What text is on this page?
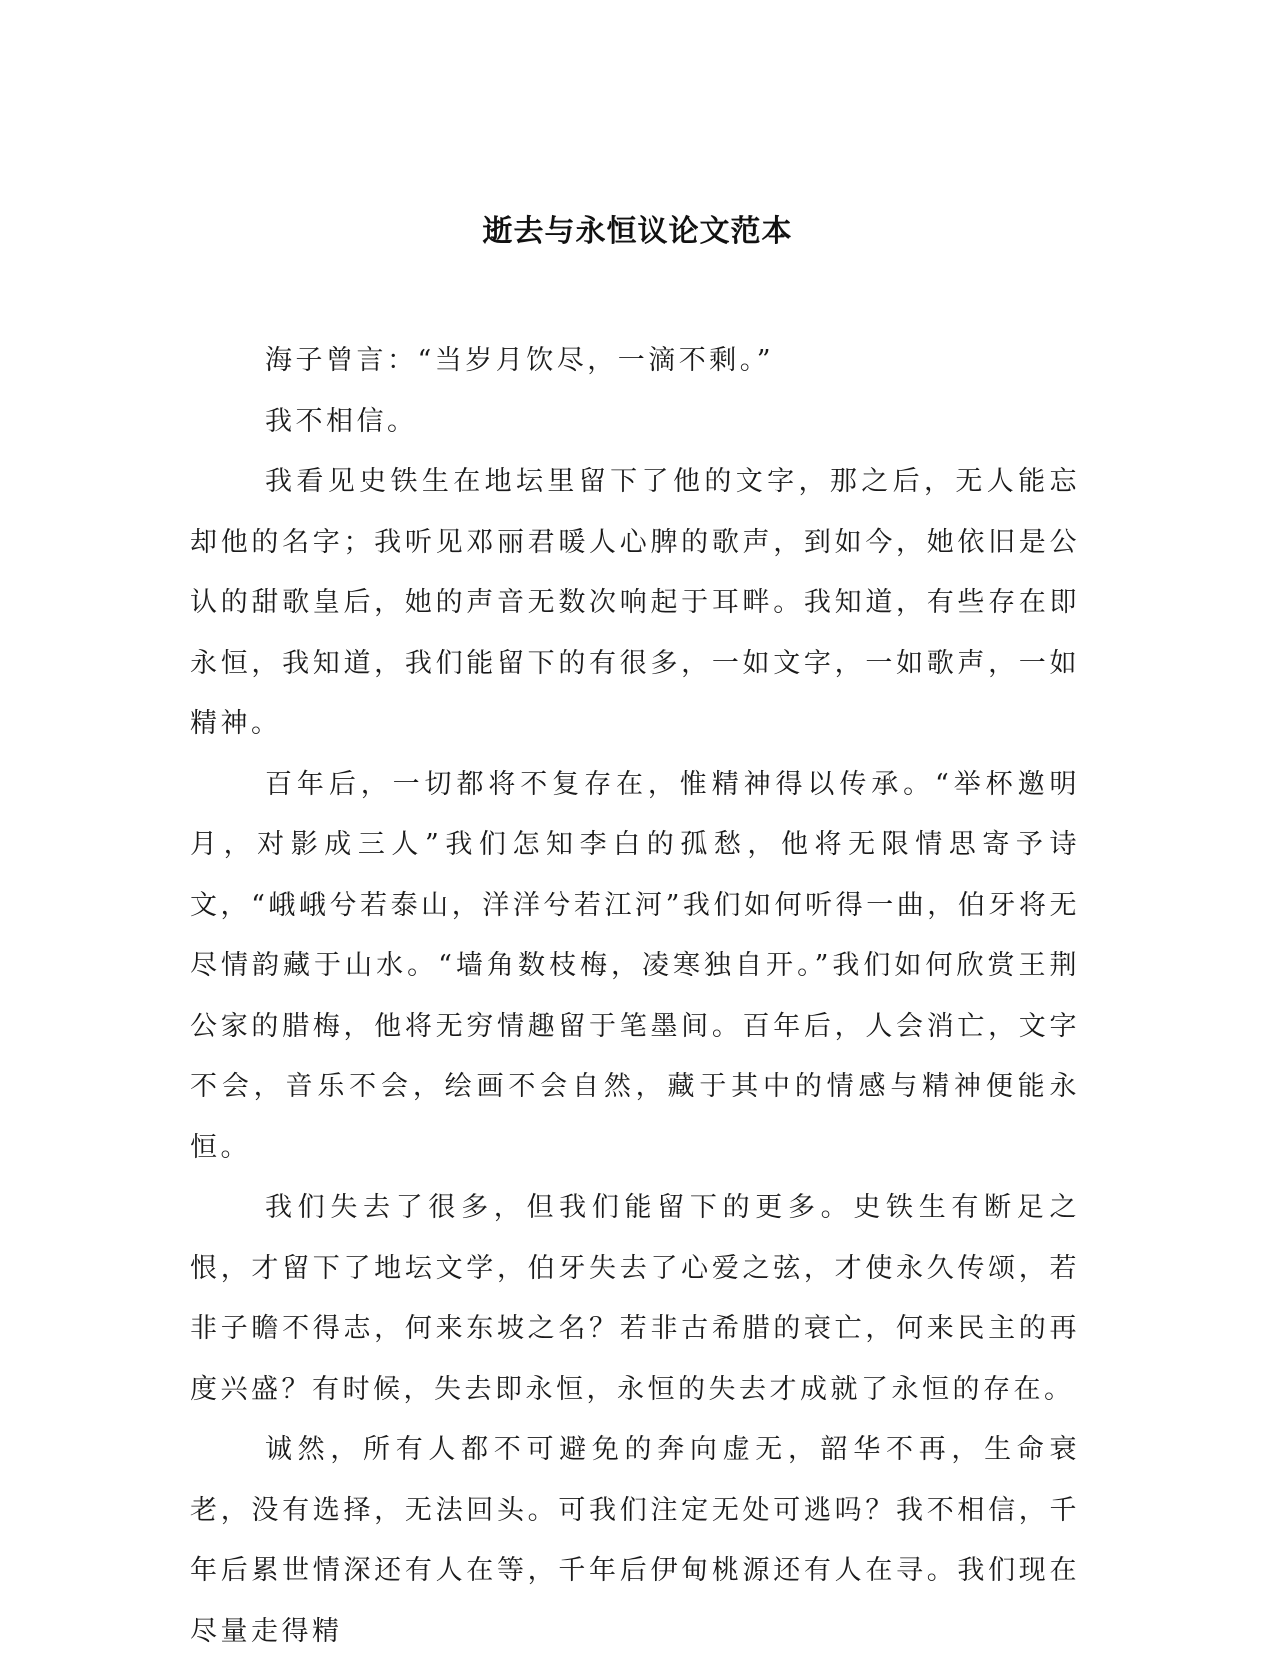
逝去与永恒议论文范本

海子曾言：“当岁月饮尽，一滴不剩。”

我不相信。

我看见史铁生在地坛里留下了他的文字，那之后，无人能忘却他的名字；我听见邓丽君暖人心脾的歌声，到如今，她依旧是公认的甜歌皇后，她的声音无数次响起于耳畔。我知道，有些存在即永恒，我知道，我们能留下的有很多，一如文字，一如歌声，一如精神。

百年后，一切都将不复存在，惟精神得以传承。“举杯邀明月，对影成三人”我们怎知李白的孤愁，他将无限情思寄予诗文，“峨峨兮若泰山，洋洋兮若江河”我们如何听得一曲，伯牙将无尽情韵藏于山水。“墙角数枝梅，凌寒独自开。”我们如何欣赏王荆公家的腊梅，他将无穷情趣留于笔墨间。百年后，人会消亡，文字不会，音乐不会，绘画不会自然，藏于其中的情感与精神便能永恒。

我们失去了很多，但我们能留下的更多。史铁生有断足之恨，才留下了地坛文学，伯牙失去了心爱之弦，才使永久传颂，若非子瞻不得志，何来东坡之名？若非古希腊的衰亡，何来民主的再度兴盛？有时候，失去即永恒，永恒的失去才成就了永恒的存在。

诚然，所有人都不可避免的奔向虚无，韶华不再，生命衰老，没有选择，无法回头。可我们注定无处可逃吗？我不相信，千年后累世情深还有人在等，千年后伊甸桃源还有人在寻。我们现在尽量走得精
